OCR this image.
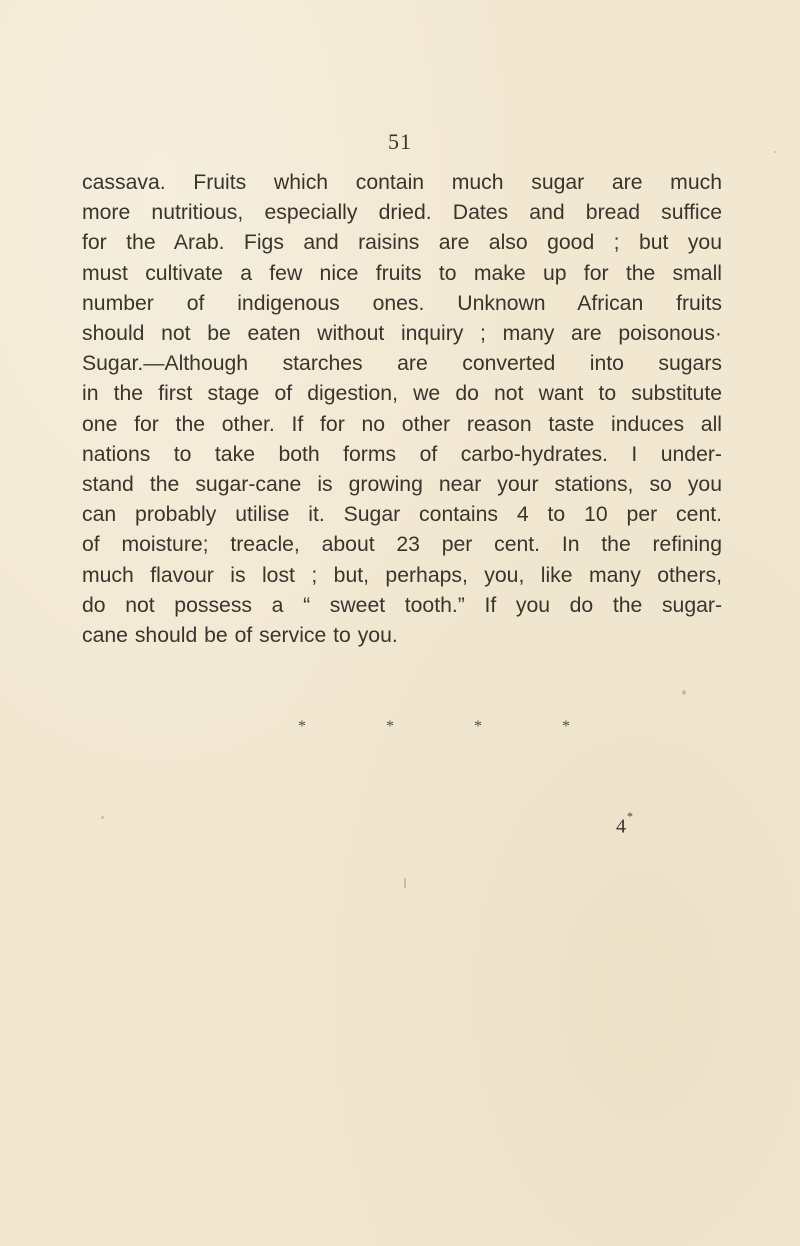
51
cassava. Fruits which contain much sugar are much
more nutritious, especially dried. Dates and bread suffice
for the Arab. Figs and raisins are also good ; but you
must cultivate a few nice fruits to make up for the small
number of indigenous ones. Unknown African fruits
should not be eaten without inquiry ; many are poisonous·
Sugar.—Although starches are converted into sugars
in the first stage of digestion, we do not want to substitute
one for the other. If for no other reason taste induces all
nations to take both forms of carbo-hydrates. I under-
stand the sugar-cane is growing near your stations, so you
can probably utilise it. Sugar contains 4 to 10 per cent.
of moisture; treacle, about 23 per cent. In the refining
much flavour is lost ; but, perhaps, you, like many others,
do not possess a “ sweet tooth.” If you do the sugar-
cane should be of service to you.
*	*	*	*
4*
